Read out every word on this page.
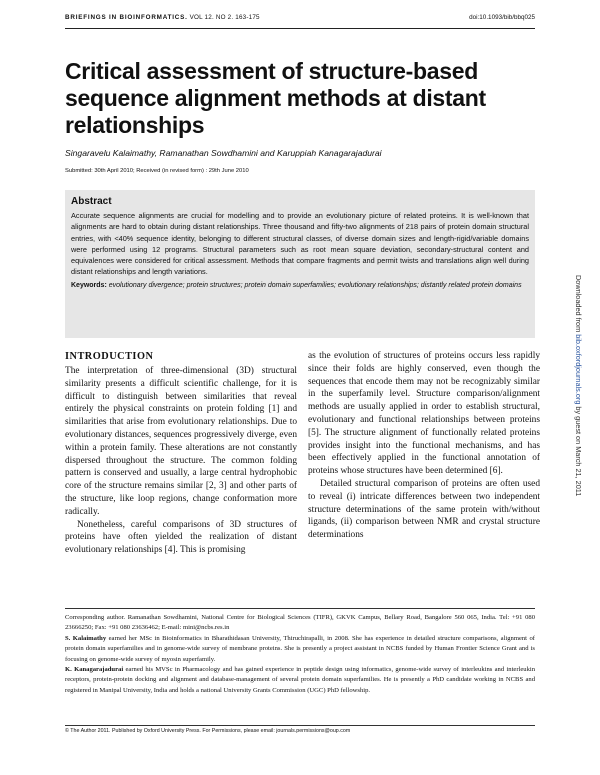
BRIEFINGS IN BIOINFORMATICS. VOL 12. NO 2. 163-175	doi:10.1093/bib/bbq025
Critical assessment of structure-based sequence alignment methods at distant relationships
Singaravelu Kalaimathy, Ramanathan Sowdhamini and Karuppiah Kanagarajadurai
Submitted: 30th April 2010; Received (in revised form) : 29th June 2010
Abstract

Accurate sequence alignments are crucial for modelling and to provide an evolutionary picture of related proteins. It is well-known that alignments are hard to obtain during distant relationships. Three thousand and fifty-two alignments of 218 pairs of protein domain structural entries, with <40% sequence identity, belonging to different structural classes, of diverse domain sizes and length-rigid/variable domains were performed using 12 programs. Structural parameters such as root mean square deviation, secondary-structural content and equivalences were considered for critical assessment. Methods that compare fragments and permit twists and translations align well during distant relationships and length variations.

Keywords: evolutionary divergence; protein structures; protein domain superfamilies; evolutionary relationships; distantly related protein domains
INTRODUCTION

The interpretation of three-dimensional (3D) structural similarity presents a difficult scientific challenge, for it is difficult to distinguish between similarities that reveal entirely the physical constraints on protein folding [1] and similarities that arise from evolutionary relationships. Due to evolutionary distances, sequences progressively diverge, even within a protein family. These alterations are not constantly dispersed throughout the structure. The common folding pattern is conserved and usually, a large central hydrophobic core of the structure remains similar [2, 3] and other parts of the structure, like loop regions, change conformation more radically.

Nonetheless, careful comparisons of 3D structures of proteins have often yielded the realization of distant evolutionary relationships [4]. This is promising

as the evolution of structures of proteins occurs less rapidly since their folds are highly conserved, even though the sequences that encode them may not be recognizably similar in the superfamily level. Structure comparison/alignment methods are usually applied in order to establish structural, evolutionary and functional relationships between proteins [5]. The structure alignment of functionally related proteins provides insight into the functional mechanisms, and has been effectively applied in the functional annotation of proteins whose structures have been determined [6].

Detailed structural comparison of proteins are often used to reveal (i) intricate differences between two independent structure determinations of the same protein with/without ligands, (ii) comparison between NMR and crystal structure determinations

Corresponding author. Ramanathan Sowdhamini, National Centre for Biological Sciences (TIFR), GKVK Campus, Bellary Road, Bangalore 560 065, India. Tel: +91 080 23666250; Fax: +91 080 23636462; E-mail: mini@ncbs.res.in

S. Kalaimathy earned her MSc in Bioinformatics in Bharathidasan University, Thiruchirapalli, in 2008. She has experience in detailed structure comparisons, alignment of protein domain superfamilies and in genome-wide survey of membrane proteins. She is presently a project assistant in NCBS funded by Human Frontier Science Grant and is focusing on genome-wide survey of myosin superfamily.

K. Kanagarajadurai earned his MVSc in Pharmacology and has gained experience in peptide design using informatics, genome-wide survey of interleukins and interleukin receptors, protein-protein docking and alignment and database-management of several protein domain superfamilies. He is presently a PhD candidate working in NCBS and registered in Manipal University, India and holds a national University Grants Commission (UGC) PhD fellowship.

© The Author 2011. Published by Oxford University Press. For Permissions, please email: journals.permissions@oup.com
Downloaded from bib.oxfordjournals.org by guest on March 21, 2011
